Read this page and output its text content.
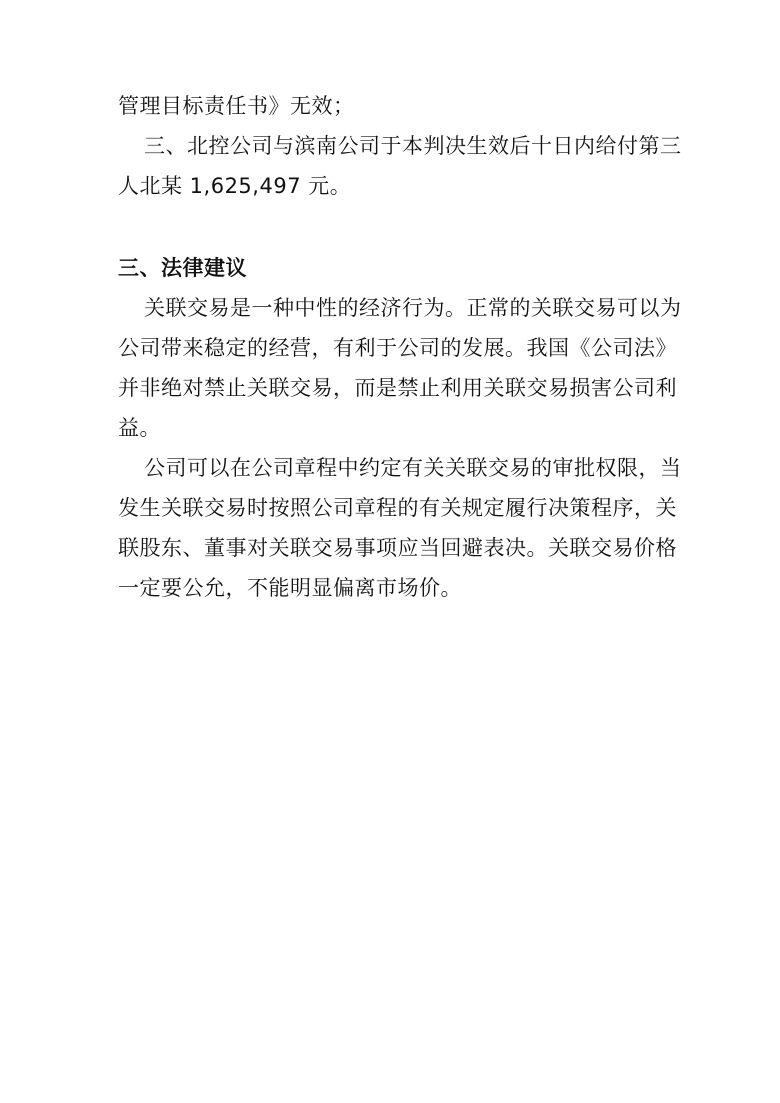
管理目标责任书》无效；
三、北控公司与滨南公司于本判决生效后十日内给付第三
人北某 1,625,497 元。
三、法律建议
关联交易是一种中性的经济行为。正常的关联交易可以为
公司带来稳定的经营，有利于公司的发展。我国《公司法》
并非绝对禁止关联交易，而是禁止利用关联交易损害公司利
益。
公司可以在公司章程中约定有关关联交易的审批权限，当
发生关联交易时按照公司章程的有关规定履行决策程序，关
联股东、董事对关联交易事项应当回避表决。关联交易价格
一定要公允，不能明显偏离市场价。
